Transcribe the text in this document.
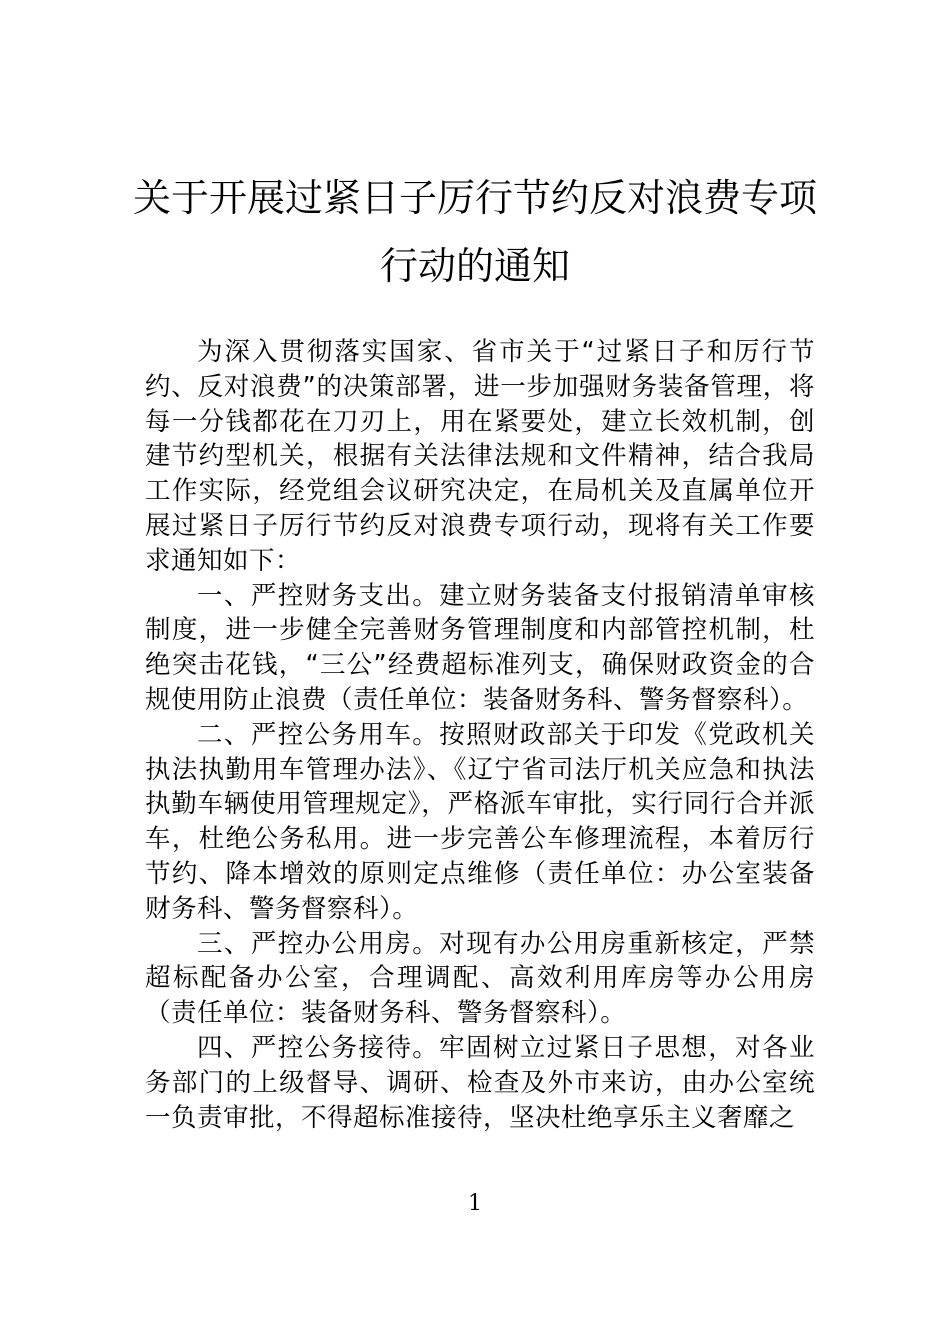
关于开展过紧日子厉行节约反对浪费专项
行动的通知

为深入贯彻落实国家、省市关于“过紧日子和厉行节约、反对浪费”的决策部署，进一步加强财务装备管理，将每一分钱都花在刀刃上，用在紧要处，建立长效机制，创建节约型机关，根据有关法律法规和文件精神，结合我局工作实际，经党组会议研究决定，在局机关及直属单位开展过紧日子厉行节约反对浪费专项行动，现将有关工作要求通知如下：

一、严控财务支出。建立财务装备支付报销清单审核制度，进一步健全完善财务管理制度和内部管控机制，杜绝突击花钱，“三公”经费超标准列支，确保财政资金的合规使用防止浪费（责任单位：装备财务科、警务督察科）。

二、严控公务用车。按照财政部关于印发《党政机关执法执勤用车管理办法》、《辽宁省司法厅机关应急和执法执勤车辆使用管理规定》，严格派车审批，实行同行合并派车，杜绝公务私用。进一步完善公车修理流程，本着厉行节约、降本增效的原则定点维修（责任单位：办公室装备财务科、警务督察科）。

三、严控办公用房。对现有办公用房重新核定，严禁超标配备办公室，合理调配、高效利用库房等办公用房（责任单位：装备财务科、警务督察科）。

四、严控公务接待。牢固树立过紧日子思想，对各业务部门的上级督导、调研、检查及外市来访，由办公室统一负责审批，不得超标准接待，坚决杜绝享乐主义奢靡之

1
